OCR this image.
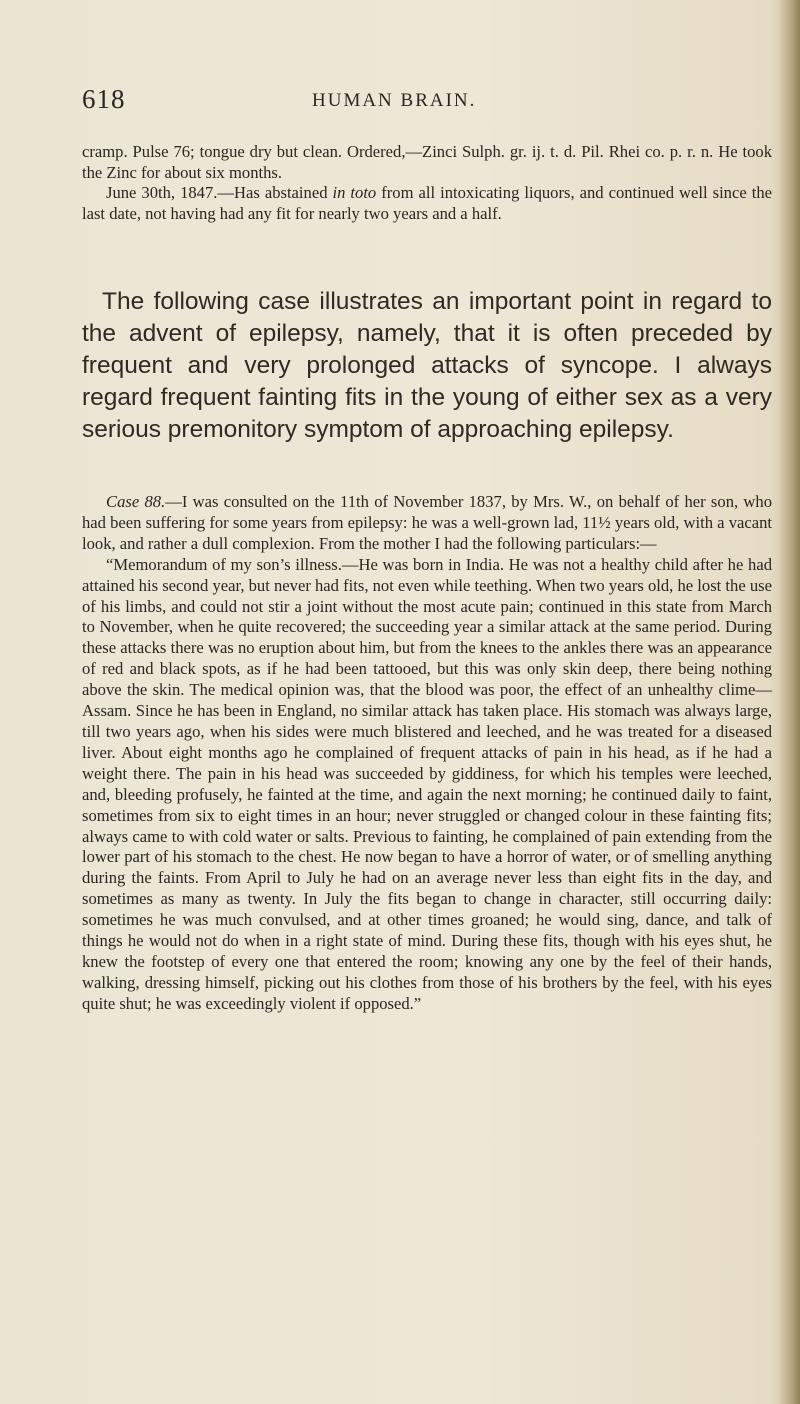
618	HUMAN BRAIN.

cramp. Pulse 76; tongue dry but clean. Ordered,—Zinci Sulph. gr. ij. t. d. Pil. Rhei co. p. r. n. He took the Zinc for about six months.

June 30th, 1847.—Has abstained in toto from all intoxicating liquors, and continued well since the last date, not having had any fit for nearly two years and a half.

The following case illustrates an important point in regard to the advent of epilepsy, namely, that it is often preceded by frequent and very prolonged attacks of syncope. I always regard frequent fainting fits in the young of either sex as a very serious premonitory symptom of approaching epilepsy.

Case 88.—I was consulted on the 11th of November 1837, by Mrs. W., on behalf of her son, who had been suffering for some years from epilepsy: he was a well-grown lad, 11½ years old, with a vacant look, and rather a dull complexion. From the mother I had the following particulars:—

“Memorandum of my son’s illness.—He was born in India. He was not a healthy child after he had attained his second year, but never had fits, not even while teething. When two years old, he lost the use of his limbs, and could not stir a joint without the most acute pain; continued in this state from March to November, when he quite recovered; the succeeding year a similar attack at the same period. During these attacks there was no eruption about him, but from the knees to the ankles there was an appearance of red and black spots, as if he had been tattooed, but this was only skin deep, there being nothing above the skin. The medical opinion was, that the blood was poor, the effect of an unhealthy clime—Assam. Since he has been in England, no similar attack has taken place. His stomach was always large, till two years ago, when his sides were much blistered and leeched, and he was treated for a diseased liver. About eight months ago he complained of frequent attacks of pain in his head, as if he had a weight there. The pain in his head was succeeded by giddiness, for which his temples were leeched, and, bleeding profusely, he fainted at the time, and again the next morning; he continued daily to faint, sometimes from six to eight times in an hour; never struggled or changed colour in these fainting fits; always came to with cold water or salts. Previous to fainting, he complained of pain extending from the lower part of his stomach to the chest. He now began to have a horror of water, or of smelling anything during the faints. From April to July he had on an average never less than eight fits in the day, and sometimes as many as twenty. In July the fits began to change in character, still occurring daily: sometimes he was much convulsed, and at other times groaned; he would sing, dance, and talk of things he would not do when in a right state of mind. During these fits, though with his eyes shut, he knew the footstep of every one that entered the room; knowing any one by the feel of their hands, walking, dressing himself, picking out his clothes from those of his brothers by the feel, with his eyes quite shut; he was exceedingly violent if opposed.”
